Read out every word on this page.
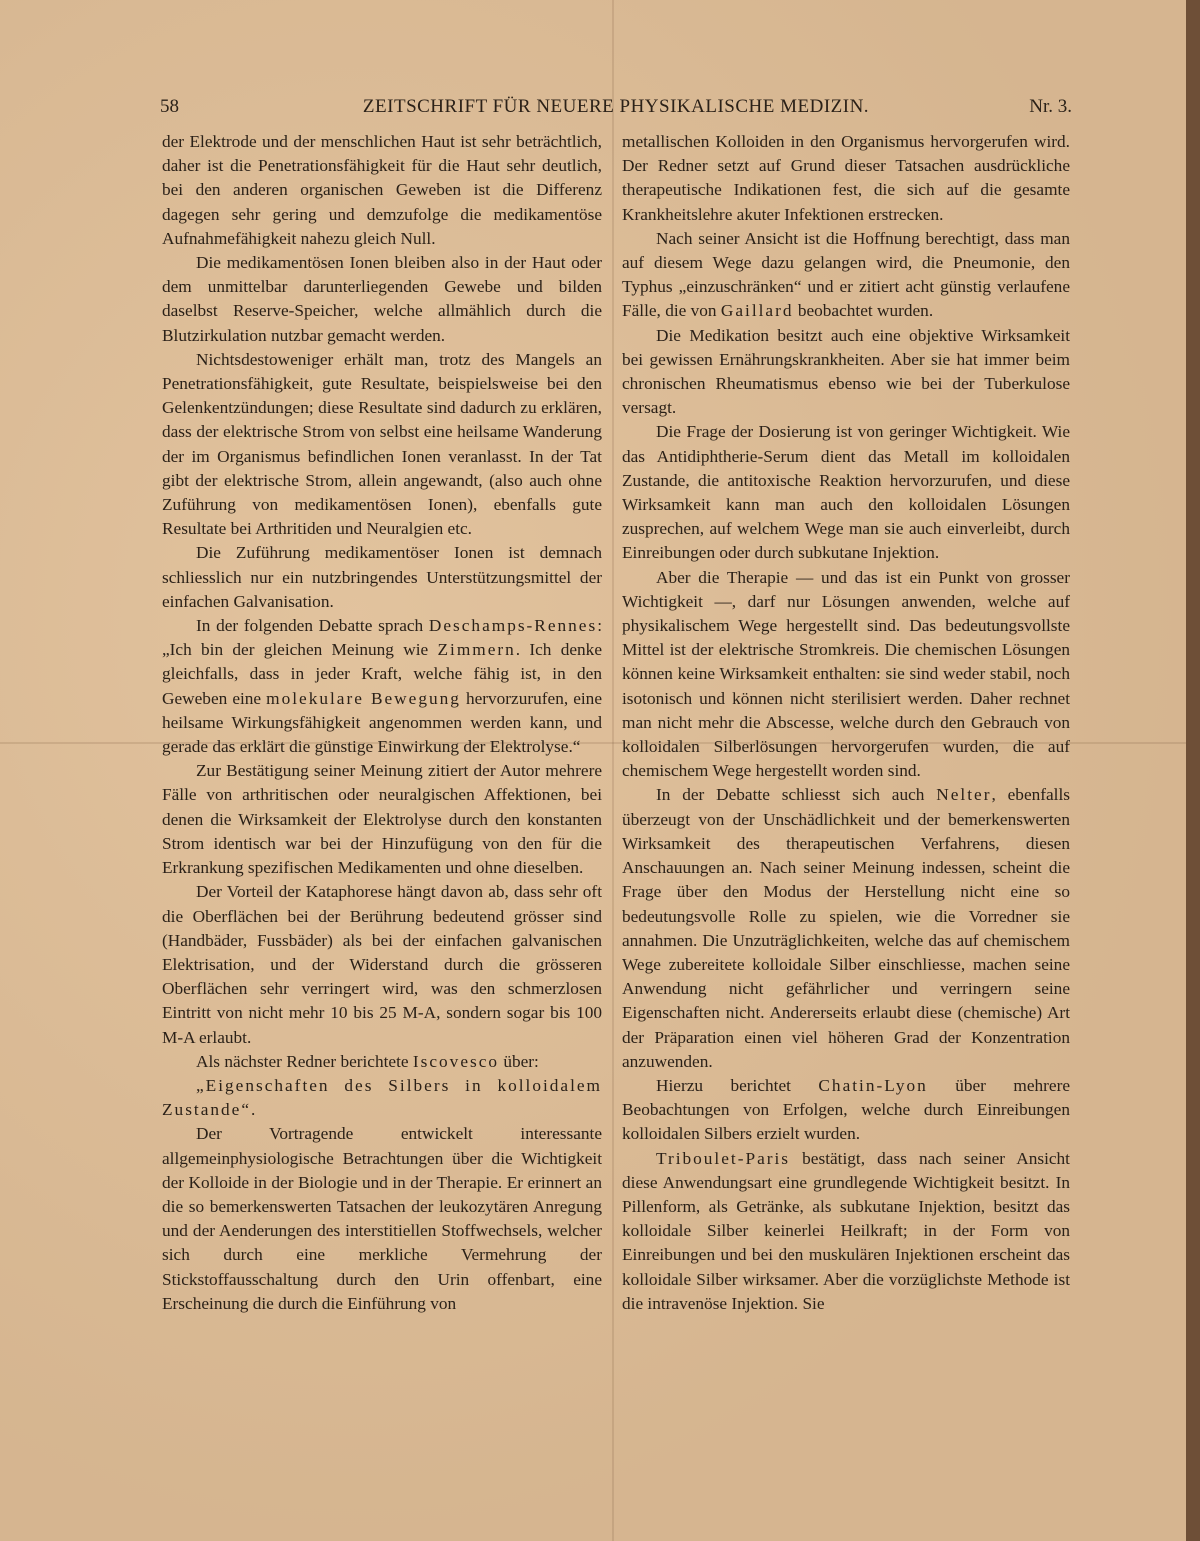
58	ZEITSCHRIFT FÜR NEUERE PHYSIKALISCHE MEDIZIN.	Nr. 3.

der Elektrode und der menschlichen Haut ist sehr beträchtlich, daher ist die Penetrationsfähigkeit für die Haut sehr deutlich, bei den anderen organischen Geweben ist die Differenz dagegen sehr gering und demzufolge die medikamentöse Aufnahmefähigkeit nahezu gleich Null.

Die medikamentösen Ionen bleiben also in der Haut oder dem unmittelbar darunterliegenden Gewebe und bilden daselbst Reserve-Speicher, welche allmählich durch die Blutzirkulation nutzbar gemacht werden.

Nichtsdestoweniger erhält man, trotz des Mangels an Penetrationsfähigkeit, gute Resultate, beispielsweise bei den Gelenkentzündungen; diese Resultate sind dadurch zu erklären, dass der elektrische Strom von selbst eine heilsame Wanderung der im Organismus befindlichen Ionen veranlasst. In der Tat gibt der elektrische Strom, allein angewandt, (also auch ohne Zuführung von medikamentösen Ionen), ebenfalls gute Resultate bei Arthritiden und Neuralgien etc.

Die Zuführung medikamentöser Ionen ist demnach schliesslich nur ein nutzbringendes Unterstützungsmittel der einfachen Galvanisation.

In der folgenden Debatte sprach Deschamps-Rennes: „Ich bin der gleichen Meinung wie Zimmern. Ich denke gleichfalls, dass in jeder Kraft, welche fähig ist, in den Geweben eine molekulare Bewegung hervorzurufen, eine heilsame Wirkungsfähigkeit angenommen werden kann, und gerade das erklärt die günstige Einwirkung der Elektrolyse.“

Zur Bestätigung seiner Meinung zitiert der Autor mehrere Fälle von arthritischen oder neuralgischen Affektionen, bei denen die Wirksamkeit der Elektrolyse durch den konstanten Strom identisch war bei der Hinzufügung von den für die Erkrankung spezifischen Medikamenten und ohne dieselben.

Der Vorteil der Kataphorese hängt davon ab, dass sehr oft die Oberflächen bei der Berührung bedeutend grösser sind (Handbäder, Fussbäder) als bei der einfachen galvanischen Elektrisation, und der Widerstand durch die grösseren Oberflächen sehr verringert wird, was den schmerzlosen Eintritt von nicht mehr 10 bis 25 M-A, sondern sogar bis 100 M-A erlaubt.

Als nächster Redner berichtete Iscovesco über:

„Eigenschaften des Silbers in kolloidalem Zustande“.

Der Vortragende entwickelt interessante allgemeinphysiologische Betrachtungen über die Wichtigkeit der Kolloide in der Biologie und in der Therapie. Er erinnert an die so bemerkenswerten Tatsachen der leukozytären Anregung und der Aenderungen des interstitiellen Stoffwechsels, welcher sich durch eine merkliche Vermehrung der Stickstoffausschaltung durch den Urin offenbart, eine Erscheinung die durch die Einführung von

metallischen Kolloiden in den Organismus hervorgerufen wird. Der Redner setzt auf Grund dieser Tatsachen ausdrückliche therapeutische Indikationen fest, die sich auf die gesamte Krankheitslehre akuter Infektionen erstrecken.

Nach seiner Ansicht ist die Hoffnung berechtigt, dass man auf diesem Wege dazu gelangen wird, die Pneumonie, den Typhus „einzuschränken“ und er zitiert acht günstig verlaufene Fälle, die von Gaillard beobachtet wurden.

Die Medikation besitzt auch eine objektive Wirksamkeit bei gewissen Ernährungskrankheiten. Aber sie hat immer beim chronischen Rheumatismus ebenso wie bei der Tuberkulose versagt.

Die Frage der Dosierung ist von geringer Wichtigkeit. Wie das Antidiphtherie-Serum dient das Metall im kolloidalen Zustande, die antitoxische Reaktion hervorzurufen, und diese Wirksamkeit kann man auch den kolloidalen Lösungen zusprechen, auf welchem Wege man sie auch einverleibt, durch Einreibungen oder durch subkutane Injektion.

Aber die Therapie — und das ist ein Punkt von grosser Wichtigkeit —, darf nur Lösungen anwenden, welche auf physikalischem Wege hergestellt sind. Das bedeutungsvollste Mittel ist der elektrische Stromkreis. Die chemischen Lösungen können keine Wirksamkeit enthalten: sie sind weder stabil, noch isotonisch und können nicht sterilisiert werden. Daher rechnet man nicht mehr die Abscesse, welche durch den Gebrauch von kolloidalen Silberlösungen hervorgerufen wurden, die auf chemischem Wege hergestellt worden sind.

In der Debatte schliesst sich auch Nelter, ebenfalls überzeugt von der Unschädlichkeit und der bemerkenswerten Wirksamkeit des therapeutischen Verfahrens, diesen Anschauungen an. Nach seiner Meinung indessen, scheint die Frage über den Modus der Herstellung nicht eine so bedeutungsvolle Rolle zu spielen, wie die Vorredner sie annahmen. Die Unzuträglichkeiten, welche das auf chemischem Wege zubereitete kolloidale Silber einschliesse, machen seine Anwendung nicht gefährlicher und verringern seine Eigenschaften nicht. Andererseits erlaubt diese (chemische) Art der Präparation einen viel höheren Grad der Konzentration anzuwenden.

Hierzu berichtet Chatin-Lyon über mehrere Beobachtungen von Erfolgen, welche durch Einreibungen kolloidalen Silbers erzielt wurden.

Triboulet-Paris bestätigt, dass nach seiner Ansicht diese Anwendungsart eine grundlegende Wichtigkeit besitzt. In Pillenform, als Getränke, als subkutane Injektion, besitzt das kolloidale Silber keinerlei Heilkraft; in der Form von Einreibungen und bei den muskulären Injektionen erscheint das kolloidale Silber wirksamer. Aber die vorzüglichste Methode ist die intravenöse Injektion. Sie
